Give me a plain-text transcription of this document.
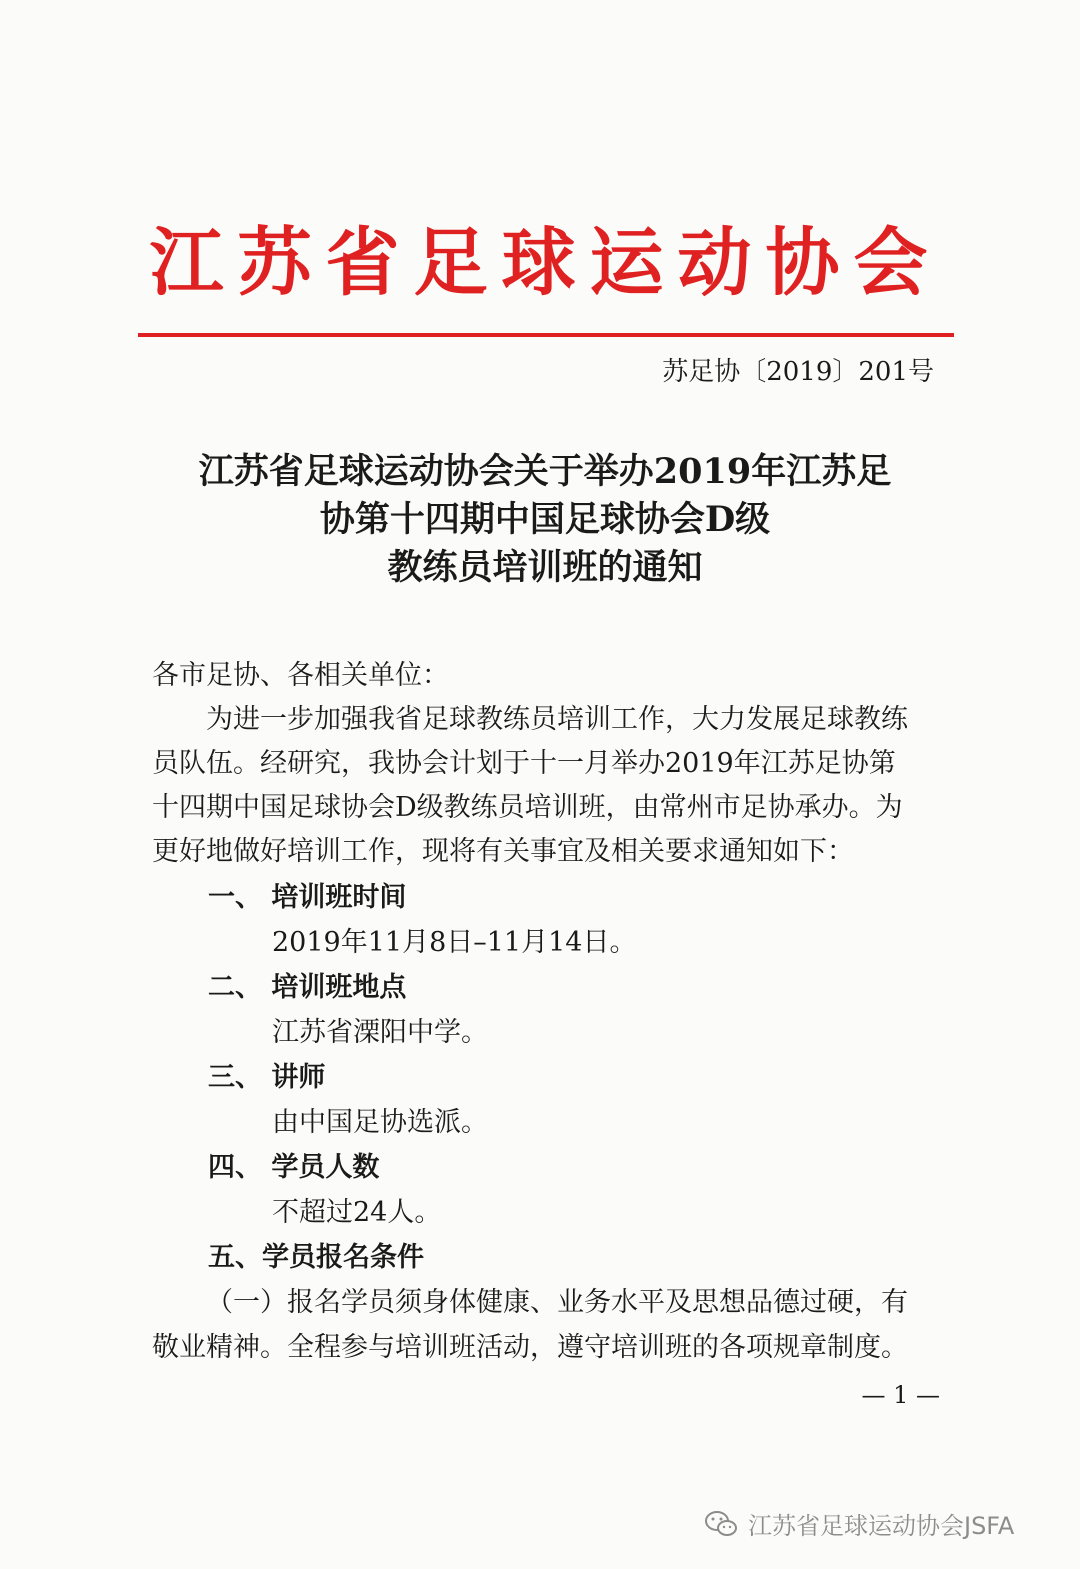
江苏省足球运动协会
苏足协〔2019〕201号
江苏省足球运动协会关于举办2019年江苏足
协第十四期中国足球协会D级
教练员培训班的通知
各市足协、各相关单位：
为进一步加强我省足球教练员培训工作，大力发展足球教练
员队伍。经研究，我协会计划于十一月举办2019年江苏足协第
十四期中国足球协会D级教练员培训班，由常州市足协承办。为
更好地做好培训工作，现将有关事宜及相关要求通知如下：
一、 培训班时间
2019年11月8日–11月14日。
二、 培训班地点
江苏省溧阳中学。
三、 讲师
由中国足协选派。
四、 学员人数
不超过24人。
五、学员报名条件
（一）报名学员须身体健康、业务水平及思想品德过硬，有
敬业精神。全程参与培训班活动，遵守培训班的各项规章制度。
— 1 —
江苏省足球运动协会JSFA
